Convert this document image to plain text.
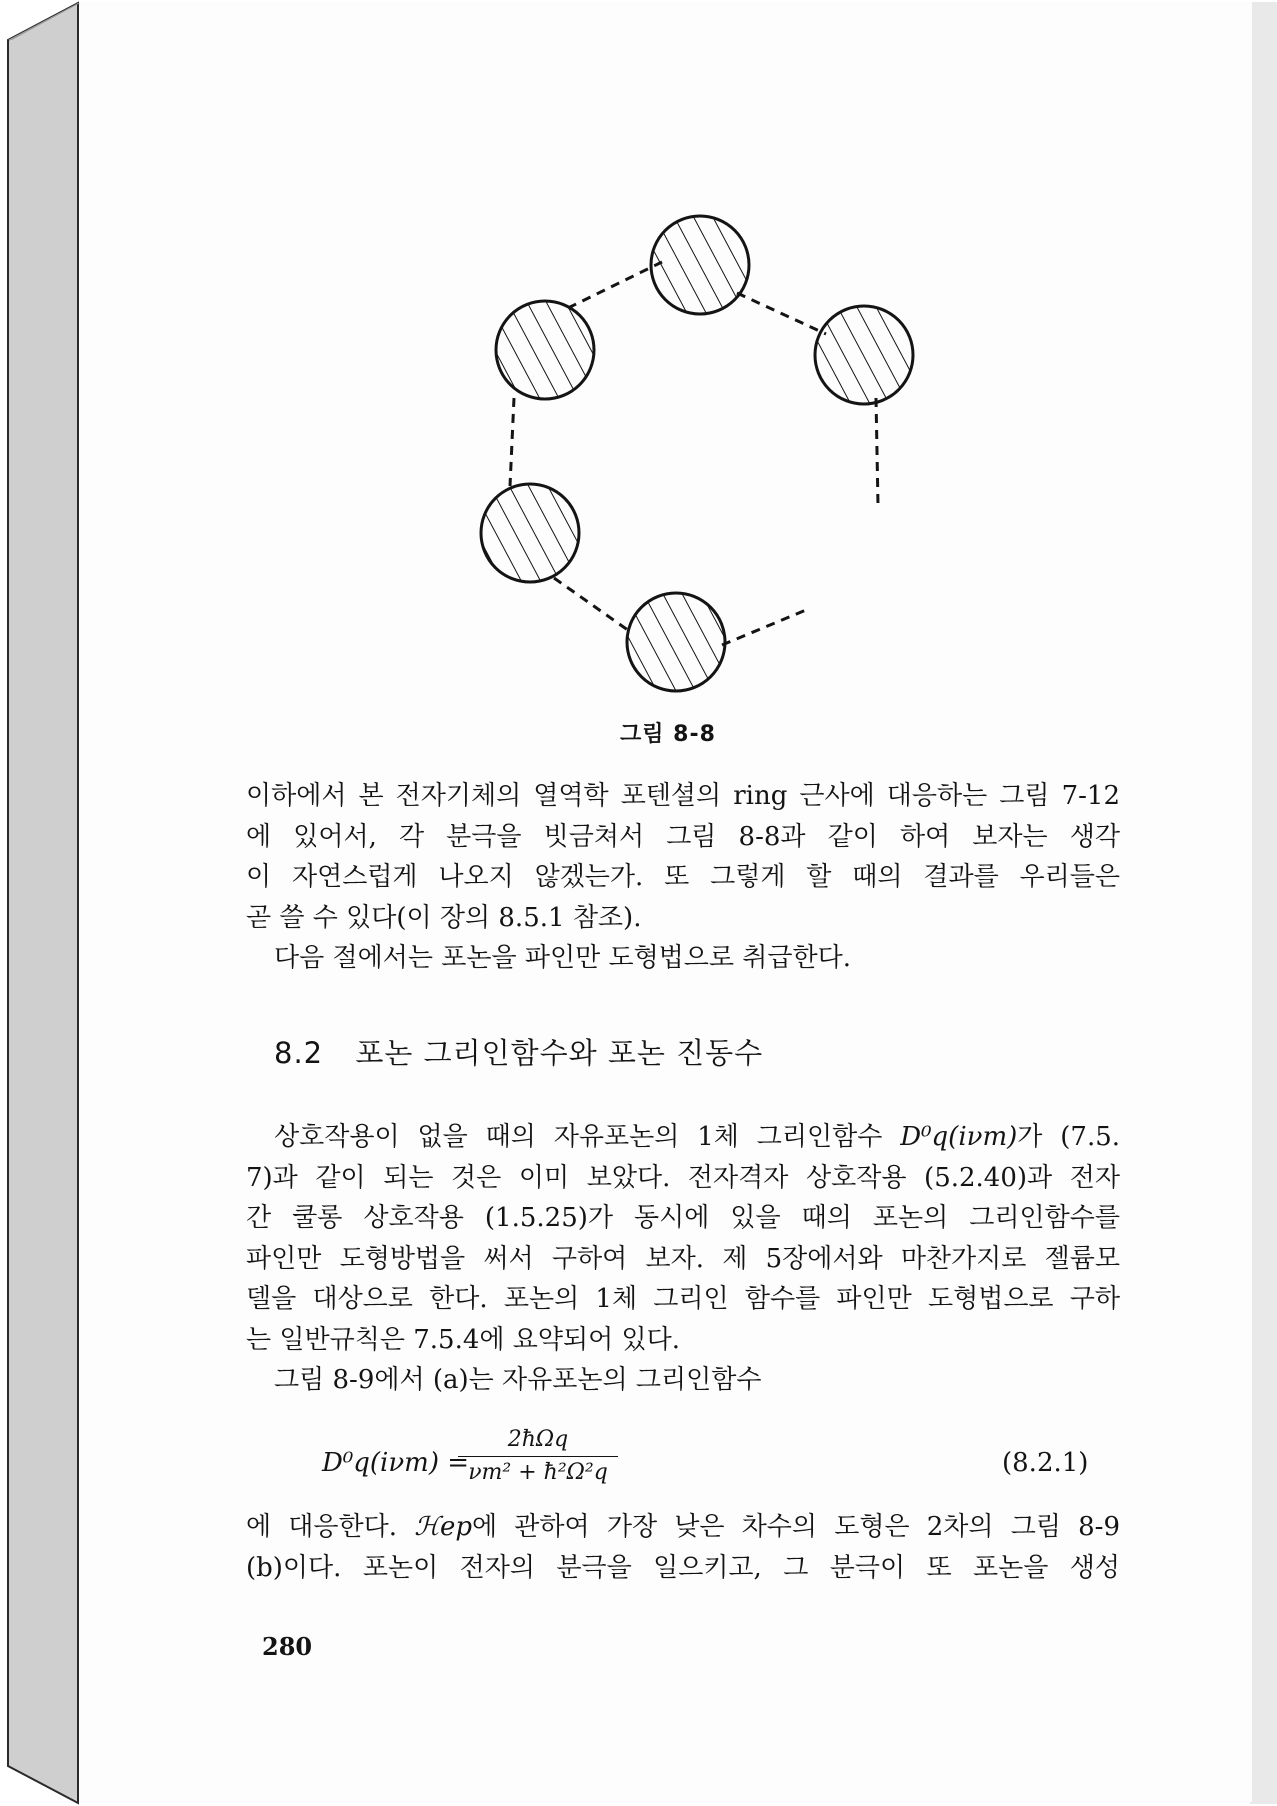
그림 8-8
이하에서 본 전자기체의 열역학 포텐셜의 ring 근사에 대응하는 그림 7-12
에 있어서, 각 분극을 빗금쳐서 그림 8-8과 같이 하여 보자는 생각
이 자연스럽게 나오지 않겠는가. 또 그렇게 할 때의 결과를 우리들은
곧 쓸 수 있다(이 장의 8.5.1 참조).
다음 절에서는 포논을 파인만 도형법으로 취급한다.
8.2 포논 그리인함수와 포논 진동수
상호작용이 없을 때의 자유포논의 1체 그리인함수 D⁰q(iνm)가 (7.5.
7)과 같이 되는 것은 이미 보았다. 전자격자 상호작용 (5.2.40)과 전자
간 쿨롱 상호작용 (1.5.25)가 동시에 있을 때의 포논의 그리인함수를
파인만 도형방법을 써서 구하여 보자. 제 5장에서와 마찬가지로 젤륨모
델을 대상으로 한다. 포논의 1체 그리인 함수를 파인만 도형법으로 구하
는 일반규칙은 7.5.4에 요약되어 있다.
그림 8-9에서 (a)는 자유포논의 그리인함수
D⁰q(iνm) =
2ħΩq
νm² + ħ²Ω²q	(8.2.1)
에 대응한다. ℋep에 관하여 가장 낮은 차수의 도형은 2차의 그림 8-9
(b)이다. 포논이 전자의 분극을 일으키고, 그 분극이 또 포논을 생성
280
